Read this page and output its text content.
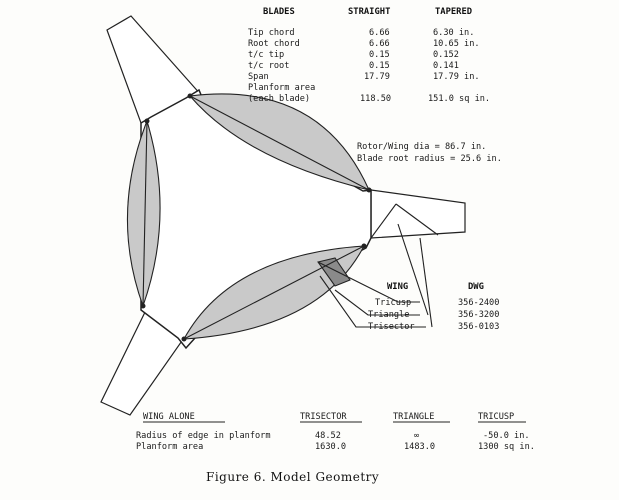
BLADES	STRAIGHT	TAPERED
Tip chord	6.66	6.30 in.
Root chord	6.66	10.65 in.
t/c tip	0.15	0.152
t/c root	0.15	0.141
Span	17.79	17.79 in.
Planform area
(each blade)	118.50	151.0 sq in.
Rotor/Wing dia = 86.7 in.
Blade root radius = 25.6 in.
WING	DWG
Tricusp	356-2400
Triangle	356-3200
Trisector	356-0103
WING ALONE	TRISECTOR	TRIANGLE	TRICUSP
Radius of edge in planform	48.52	∞	-50.0 in.
Planform area	1630.0	1483.0	1300 sq in.
Figure 6. Model Geometry
